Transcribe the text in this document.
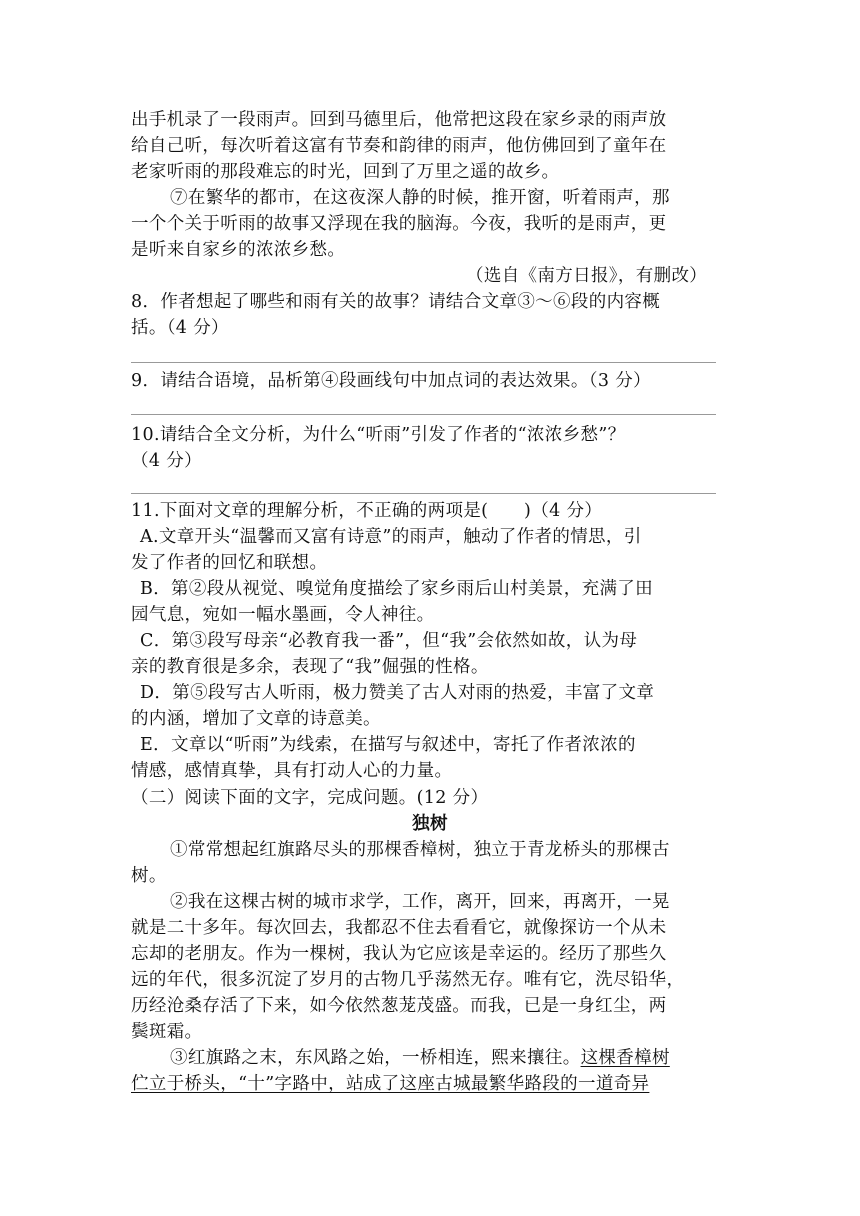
出手机录了一段雨声。回到马德里后，他常把这段在家乡录的雨声放
给自己听，每次听着这富有节奏和韵律的雨声，他仿佛回到了童年在
老家听雨的那段难忘的时光，回到了万里之遥的故乡。
⑦在繁华的都市，在这夜深人静的时候，推开窗，听着雨声，那
一个个关于听雨的故事又浮现在我的脑海。今夜，我听的是雨声，更
是听来自家乡的浓浓乡愁。
（选自《南方日报》，有删改）
8．作者想起了哪些和雨有关的故事？请结合文章③～⑥段的内容概
括。（4 分）
9．请结合语境，品析第④段画线句中加点词的表达效果。（3 分）
10.请结合全文分析，为什么“听雨”引发了作者的“浓浓乡愁”？
（4 分）
11.下面对文章的理解分析，不正确的两项是(　　)（4 分）
A.文章开头“温馨而又富有诗意”的雨声，触动了作者的情思，引
发了作者的回忆和联想。
B．第②段从视觉、嗅觉角度描绘了家乡雨后山村美景，充满了田
园气息，宛如一幅水墨画，令人神往。
C．第③段写母亲“必教育我一番”，但“我”会依然如故，认为母
亲的教育很是多余，表现了“我”倔强的性格。
D．第⑤段写古人听雨，极力赞美了古人对雨的热爱，丰富了文章
的内涵，增加了文章的诗意美。
E．文章以“听雨”为线索，在描写与叙述中，寄托了作者浓浓的
情感，感情真挚，具有打动人心的力量。
（二）阅读下面的文字，完成问题。(12 分）
独树
①常常想起红旗路尽头的那棵香樟树，独立于青龙桥头的那棵古
树。
②我在这棵古树的城市求学，工作，离开，回来，再离开，一晃
就是二十多年。每次回去，我都忍不住去看看它，就像探访一个从未
忘却的老朋友。作为一棵树，我认为它应该是幸运的。经历了那些久
远的年代，很多沉淀了岁月的古物几乎荡然无存。唯有它，洗尽铅华，
历经沧桑存活了下来，如今依然葱茏茂盛。而我，已是一身红尘，两
鬓斑霜。
③红旗路之末，东风路之始，一桥相连，熙来攘往。这棵香樟树
伫立于桥头，“十”字路中，站成了这座古城最繁华路段的一道奇异
